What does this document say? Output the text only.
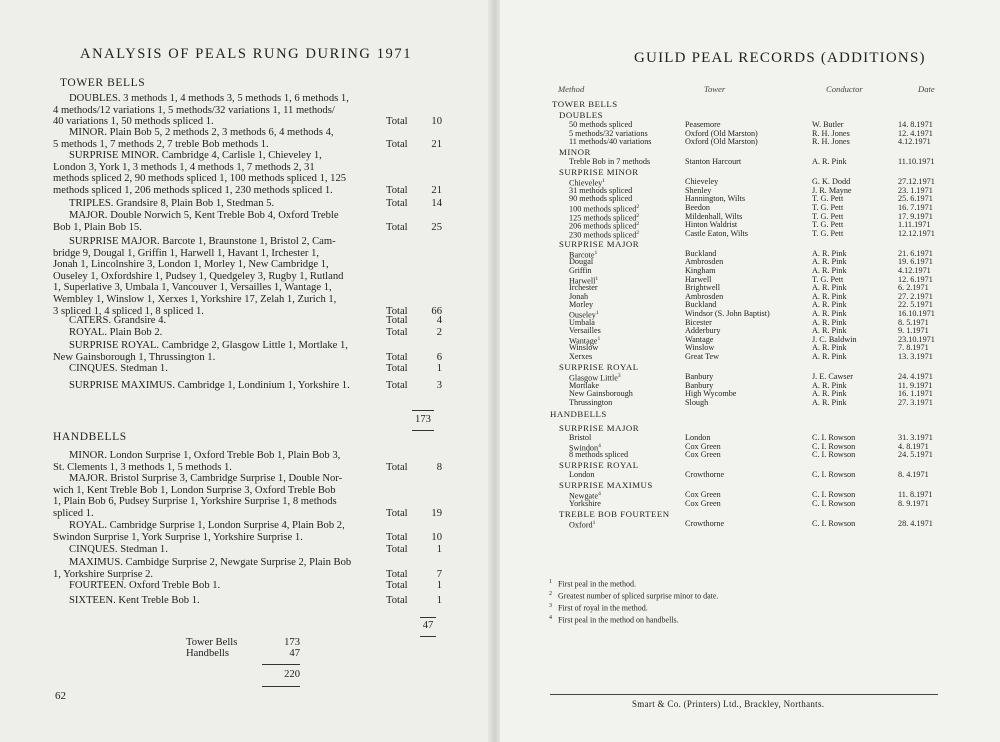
ANALYSIS OF PEALS RUNG DURING 1971
TOWER BELLS
DOUBLES. 3 methods 1, 4 methods 3, 5 methods 1, 6 methods 1,
4 methods/12 variations 1, 5 methods/32 variations 1, 11 methods/
40 variations 1, 50 methods spliced 1.	Total 10
MINOR. Plain Bob 5, 2 methods 2, 3 methods 6, 4 methods 4,
5 methods 1, 7 methods 2, 7 treble Bob methods 1.	Total 21
SURPRISE MINOR. Cambridge 4, Carlisle 1, Chieveley 1,
London 3, York 1, 3 methods 1, 4 methods 1, 7 methods 2, 31
methods spliced 2, 90 methods spliced 1, 100 methods spliced 1, 125
methods spliced 1, 206 methods spliced 1, 230 methods spliced 1.	Total 21
TRIPLES. Grandsire 8, Plain Bob 1, Stedman 5.	Total 14
MAJOR. Double Norwich 5, Kent Treble Bob 4, Oxford Treble
Bob 1, Plain Bob 15.	Total 25
SURPRISE MAJOR. Barcote 1, Braunstone 1, Bristol 2, Cam-
bridge 9, Dougal 1, Griffin 1, Harwell 1, Havant 1, Irchester 1,
Jonah 1, Lincolnshire 3, London 1, Morley 1, New Cambridge 1,
Ouseley 1, Oxfordshire 1, Pudsey 1, Quedgeley 3, Rugby 1, Rutland
1, Superlative 3, Umbala 1, Vancouver 1, Versailles 1, Wantage 1,
Wembley 1, Winslow 1, Xerxes 1, Yorkshire 17, Zelah 1, Zurich 1,
3 spliced 1, 4 spliced 1, 8 spliced 1.	Total 66
CATERS. Grandsire 4.	Total	4
ROYAL. Plain Bob 2.	Total	2
SURPRISE ROYAL. Cambridge 2, Glasgow Little 1, Mortlake 1,
New Gainsborough 1, Thrussington 1.	Total	6
CINQUES. Stedman 1.	Total	1
SURPRISE MAXIMUS. Cambridge 1, Londinium 1, Yorkshire 1.	Total	3
173
HANDBELLS
MINOR. London Surprise 1, Oxford Treble Bob 1, Plain Bob 3,
St. Clements 1, 3 methods 1, 5 methods 1.	Total	8
MAJOR. Bristol Surprise 3, Cambridge Surprise 1, Double Nor-
wich 1, Kent Treble Bob 1, London Surprise 3, Oxford Treble Bob
1, Plain Bob 6, Pudsey Surprise 1, Yorkshire Surprise 1, 8 methods
spliced 1.	Total 19
ROYAL. Cambridge Surprise 1, London Surprise 4, Plain Bob 2,
Swindon Surprise 1, York Surprise 1, Yorkshire Surprise 1.	Total 10
CINQUES. Stedman 1.	Total	1
MAXIMUS. Cambidge Surprise 2, Newgate Surprise 2, Plain Bob
1, Yorkshire Surprise 2.	Total	7
FOURTEEN. Oxford Treble Bob 1.	Total	1
SIXTEEN. Kent Treble Bob 1.	Total	1
47
Tower Bells	173
Handbells	47
220
62
GUILD PEAL RECORDS (ADDITIONS)
Method	Tower	Conductor	Date
TOWER BELLS
DOUBLES
50 methods spliced	Peasemore	W. Butler	14. 8.1971
5 methods/32 variations	Oxford (Old Marston)	R. H. Jones	12. 4.1971
11 methods/40 variations	Oxford (Old Marston)	R. H. Jones	4.12.1971
MINOR
Treble Bob in 7 methods	Stanton Harcourt	A. R. Pink	11.10.1971
SURPRISE MINOR
Chieveley$^1$	Chieveley	G. K. Dodd	27.12.1971
31 methods spliced	Shenley	J. R. Mayne	23. 1.1971
90 methods spliced	Hannington, Wilts	T. G. Pett	25. 6.1971
100 methods spliced$^2$	Beedon	T. G. Pett	16. 7.1971
125 methods spliced$^2$	Mildenhall, Wilts	T. G. Pett	17. 9.1971
206 methods spliced$^2$	Hinton Waldrist	T. G. Pett	1.11.1971
230 methods spliced$^2$	Castle Eaton, Wilts	T. G. Pett	12.12.1971
SURPRISE MAJOR
Barcote$^1$	Buckland	A. R. Pink	21. 6.1971
Dougal	Ambrosden	A. R. Pink	19. 6.1971
Griffin	Kingham	A. R. Pink	4.12.1971
Harwell$^1$	Harwell	T. G. Pett	12. 6.1971
Irchester	Brightwell	A. R. Pink	6. 2.1971
Jonah	Ambrosden	A. R. Pink	27. 2.1971
Morley	Buckland	A. R. Pink	22. 5.1971
Ouseley$^1$	Windsor (S. John Baptist)	A. R. Pink	16.10.1971
Umbala	Bicester	A. R. Pink	8. 5.1971
Versailles	Adderbury	A. R. Pink	9. 1.1971
Wantage$^1$	Wantage	J. C. Baldwin	23.10.1971
Winslow	Winslow	A. R. Pink	7. 8.1971
Xerxes	Great Tew	A. R. Pink	13. 3.1971
SURPRISE ROYAL
Glasgow Little$^3$	Banbury	J. E. Cawser	24. 4.1971
Mortlake	Banbury	A. R. Pink	11. 9.1971
New Gainsborough	High Wycombe	A. R. Pink	16. 1.1971
Thrussington	Slough	A. R. Pink	27. 3.1971
HANDBELLS
SURPRISE MAJOR
Bristol	London	C. I. Rowson	31. 3.1971
Swindon$^4$	Cox Green	C. I. Rowson	4. 8.1971
8 methods spliced	Cox Green	C. I. Rowson	24. 5.1971
SURPRISE ROYAL
London	Crowthorne	C. I. Rowson	8. 4.1971
SURPRISE MAXIMUS
Newgate$^4$	Cox Green	C. I. Rowson	11. 8.1971
Yorkshire	Cox Green	C. I. Rowson	8. 9.1971
TREBLE BOB FOURTEEN
Oxford$^1$	Crowthorne	C. I. Rowson	28. 4.1971
$^1$ First peal in the method.
$^2$ Greatest number of spliced surprise minor to date.
$^3$ First of royal in the method.
$^4$ First peal in the method on handbells.
Smart & Co. (Printers) Ltd., Brackley, Northants.
